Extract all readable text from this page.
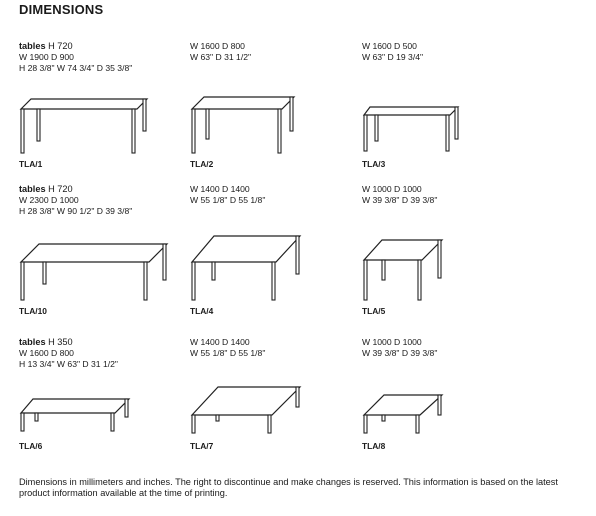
DIMENSIONS
tables H 720
W 1900 D 900
H 28 3/8" W 74 3/4" D 35 3/8"
TLA/1
W 1600 D 800
W 63" D 31 1/2"
TLA/2
W 1600 D 500
W 63" D 19 3/4"
TLA/3
tables H 720
W 2300 D 1000
H 28 3/8" W 90 1/2" D 39 3/8"
TLA/10
W 1400 D 1400
W 55 1/8" D 55 1/8"
TLA/4
W 1000 D 1000
W 39 3/8" D 39 3/8"
TLA/5
tables H 350
W 1600 D 800
H 13 3/4" W 63" D 31 1/2"
TLA/6
W 1400 D 1400
W 55 1/8" D 55 1/8"
TLA/7
W 1000 D 1000
W 39 3/8" D 39 3/8"
TLA/8
Dimensions in millimeters and inches. The right to discontinue and make changes is reserved. This information is based on the latest product information available at the time of printing.
